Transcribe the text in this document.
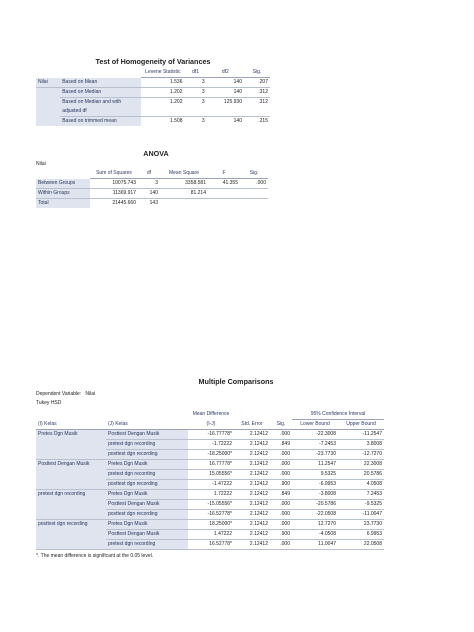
Test of Homogeneity of Variances
		Levene Statistic	df1	df2	Sig.
Nilai	Based on Mean	1.536	3	140	.207
	Based on Median	1.202	3	140	.312
	Based on Median and with	1.202	3	125.930	.312
	adjusted df				
	Based on trimmed mean	1.508	3	140	.215
ANOVA
Nilai
	Sum of Squares	df	Mean Square	F	Sig.
Between Groups	10075.743	3	3358.581	41.355	.000
Within Groups	11369.917	140	81.214		
Total	21445.660	143			
Multiple Comparisons
Dependent Variable:   Nilai
Tukey HSD
		Mean Difference			95% Confidence Interval	
(I) Kelas	(J) Kelas	(I-J)	Std. Error	Sig.	Lower Bound	Upper Bound
Pretes Dgn Musik	Posttest Dengan Musik	-16.77778*	2.12412	.000	-22.3008	-11.2547
	pretest dgn recording	-1.72222	2.12412	.849	-7.2453	3.8008
	posttest dgn recording	-18.25000*	2.12412	.000	-23.7730	-12.7270
Posttest Dengan Musik	Pretes Dgn Musik	16.77778*	2.12412	.000	11.2547	22.3008
	pretest dgn recording	15.05556*	2.12412	.000	9.5325	20.5786
	posttest dgn recording	-1.47222	2.12412	.900	-6.9953	4.0508
pretest dgn recording	Pretes Dgn Musik	1.72222	2.12412	.849	-3.8008	7.2453
	Posttest Dengan Musik	-15.05556*	2.12412	.000	-20.5786	-9.5325
	posttest dgn recording	-16.52778*	2.12412	.000	-22.0508	-11.0047
posttest dgn recording	Pretes Dgn Musik	18.25000*	2.12412	.000	12.7270	23.7730
	Posttest Dengan Musik	1.47222	2.12412	.900	-4.0508	6.9953
	pretest dgn recording	16.52778*	2.12412	.000	11.0047	22.0508
*. The mean difference is significant at the 0.05 level.
